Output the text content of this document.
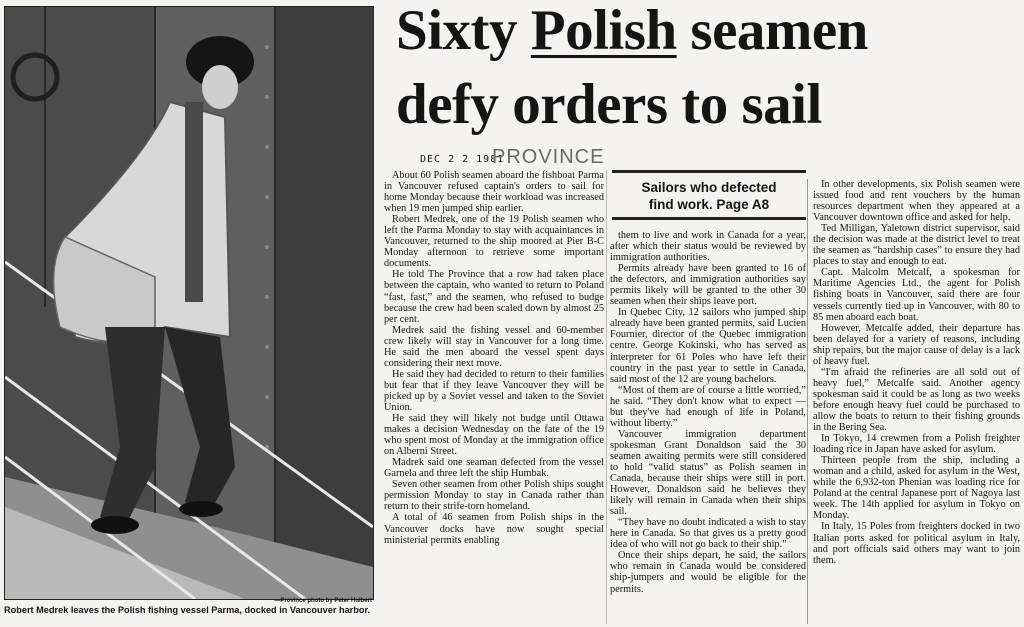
—Province photo by Peter Hulbert
Robert Medrek leaves the Polish fishing vessel Parma, docked in Vancouver harbor.
Sixty Polish seamen
defy orders to sail
DEC 2 2 1981
PROVINCE

About 60 Polish seamen aboard the fishboat Parma in Vancouver refused captain's orders to sail for home Monday because their workload was increased when 19 men jumped ship earlier.

Robert Medrek, one of the 19 Polish seamen who left the Parma Monday to stay with acquaintances in Vancouver, returned to the ship moored at Pier B-C Monday afternoon to retrieve some important documents.

He told The Province that a row had taken place between the captain, who wanted to return to Poland “fast, fast,” and the seamen, who refused to budge because the crew had been scaled down by almost 25 per cent.

Medrek said the fishing vessel and 60-member crew likely will stay in Vancouver for a long time. He said the men aboard the vessel spent days considering their next move.

He said they had decided to return to their families but fear that if they leave Vancouver they will be picked up by a Soviet vessel and taken to the Soviet Union.

He said they will likely not budge until Ottawa makes a decision Wednesday on the fate of the 19 who spent most of Monday at the immigration office on Alberni Street.

Madrek said one seaman defected from the vessel Garnela and three left the ship Humbak.

Seven other seamen from other Polish ships sought permission Monday to stay in Canada rather than return to their strife-torn homeland.

A total of 46 seamen from Polish ships in the Vancouver docks have now sought special ministerial permits enabling

Sailors who defected
find work. Page A8

them to live and work in Canada for a year, after which their status would be reviewed by immigration authorities.

Permits already have been granted to 16 of the defectors, and immigration authorities say permits likely will be granted to the other 30 seamen when their ships leave port.

In Quebec City, 12 sailors who jumped ship already have been granted permits, said Lucien Fournier, director of the Quebec immigration centre. George Kokinski, who has served as interpreter for 61 Poles who have left their country in the past year to settle in Canada, said most of the 12 are young bachelors.

“Most of them are of course a little worried,” he said. “They don't know what to expect — but they've had enough of life in Poland, without liberty.”

Vancouver immigration department spokesman Grant Donaldson said the 30 seamen awaiting permits were still considered to hold “valid status” as Polish seamen in Canada, because their ships were still in port. However, Donaldson said he believes they likely will remain in Canada when their ships sail.

“They have no doubt indicated a wish to stay here in Canada. So that gives us a pretty good idea of who will not go back to their ship.”

Once their ships depart, he said, the sailors who remain in Canada would be considered ship-jumpers and would be eligible for the permits.

In other developments, six Polish seamen were issued food and rent vouchers by the human resources department when they appeared at a Vancouver downtown office and asked for help.

Ted Milligan, Yaletown district supervisor, said the decision was made at the district level to treat the seamen as “hardship cases” to ensure they had places to stay and enough to eat.

Capt. Malcolm Metcalf, a spokesman for Maritime Agencies Ltd., the agent for Polish fishing boats in Vancouver, said there are four vessels currently tied up in Vancouver, with 80 to 85 men aboard each boat.

However, Metcalfe added, their departure has been delayed for a variety of reasons, including ship repairs, but the major cause of delay is a lack of heavy fuel.

“I'm afraid the refineries are all sold out of heavy fuel,” Metcalfe said. Another agency spokesman said it could be as long as two weeks before enough heavy fuel could be purchased to allow the boats to return to their fishing grounds in the Bering Sea.

In Tokyo, 14 crewmen from a Polish freighter loading rice in Japan have asked for asylum.

Thirteen people from the ship, including a woman and a child, asked for asylum in the West, while the 6,932-ton Phenian was loading rice for Poland at the central Japanese port of Nagoya last week. The 14th applied for asylum in Tokyo on Monday.

In Italy, 15 Poles from freighters docked in two Italian ports asked for political asylum in Italy, and port officials said others may want to join them.
